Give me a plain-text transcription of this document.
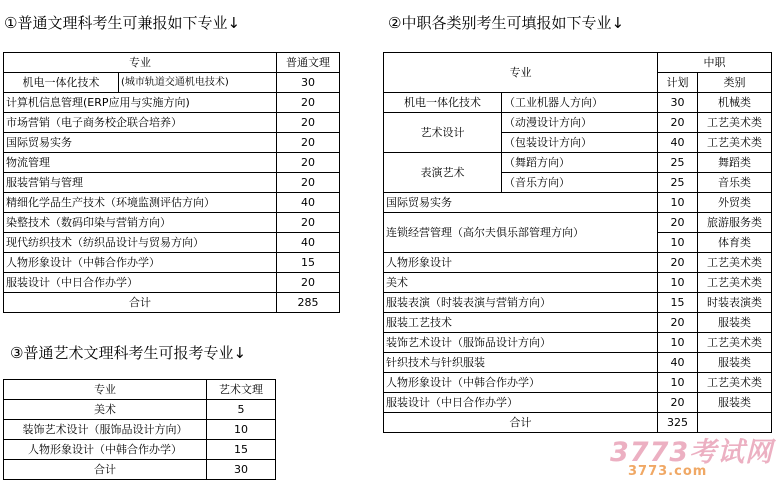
①普通文理科考生可兼报如下专业↓	②中职各类别考生可填报如下专业↓
③普通艺术文理科考生可报考专业↓
专业		普通文理
机电一体化技术	(城市轨道交通机电技术)	30
计算机信息管理(ERP应用与实施方向)		20
市场营销（电子商务校企联合培养）		20
国际贸易实务		20
物流管理		20
服装营销与管理		20
精细化学品生产技术（环境监测评估方向）		40
染整技术（数码印染与营销方向）		20
现代纺织技术（纺织品设计与贸易方向）		40
人物形象设计（中韩合作办学）		15
服装设计（中日合作办学）		20
合计		285
专业		中职	
		计划	类别
机电一体化技术	（工业机器人方向）	30	机械类
艺术设计	（动漫设计方向）	20	工艺美术类
	（包装设计方向）	40	工艺美术类
表演艺术	（舞蹈方向）	25	舞蹈类
	（音乐方向）	25	音乐类
国际贸易实务		10	外贸类
连锁经营管理（高尔夫俱乐部管理方向）		20	旅游服务类
		10	体育类
人物形象设计		20	工艺美术类
美术		10	工艺美术类
服装表演（时装表演与营销方向）		15	时装表演类
服装工艺技术		20	服装类
装饰艺术设计（服饰品设计方向）		10	工艺美术类
针织技术与针织服装		40	服装类
人物形象设计（中韩合作办学）		10	工艺美术类
服装设计（中日合作办学）		20	服装类
合计		325	
专业	艺术文理
美术	5
装饰艺术设计（服饰品设计方向）	10
人物形象设计（中韩合作办学）	15
合计	30
3773考试网
3773.com
